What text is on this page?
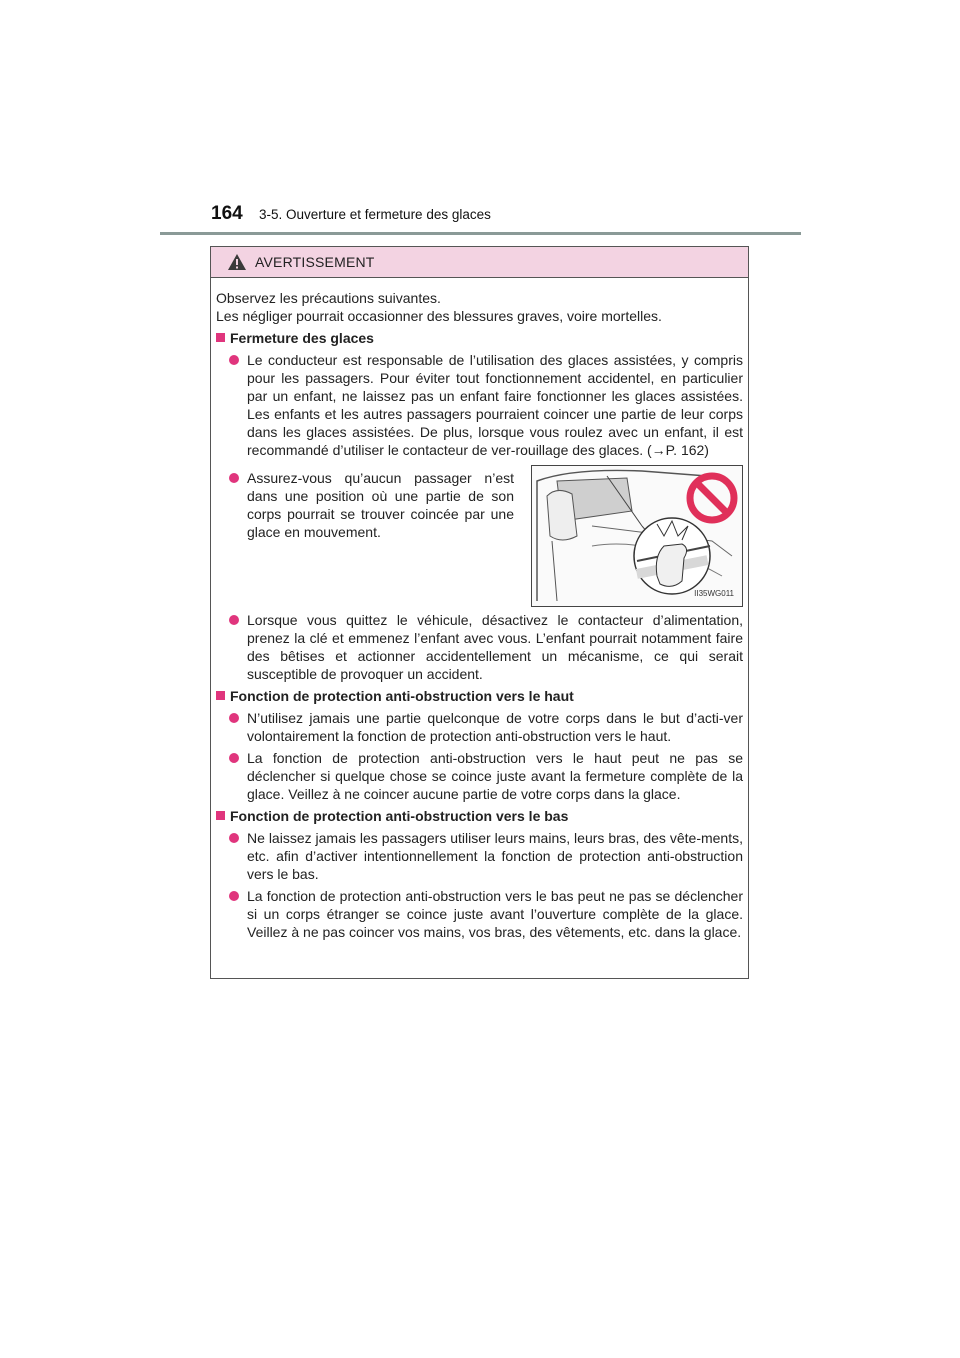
164 3-5. Ouverture et fermeture des glaces
AVERTISSEMENT

Observez les précautions suivantes.

Les négliger pourrait occasionner des blessures graves, voire mortelles.

Fermeture des glaces
Le conducteur est responsable de l’utilisation des glaces assistées, y compris pour les passagers. Pour éviter tout fonctionnement accidentel, en particulier par un enfant, ne laissez pas un enfant faire fonctionner les glaces assistées. Les enfants et les autres passagers pourraient coincer une partie de leur corps dans les glaces assistées. De plus, lorsque vous roulez avec un enfant, il est recommandé d’utiliser le contacteur de ver-rouillage des glaces. (→P. 162)
Assurez-vous qu’aucun passager n’est dans une position où une partie de son corps pourrait se trouver coincée par une glace en mouvement.
II35WG011
Lorsque vous quittez le véhicule, désactivez le contacteur d’alimentation, prenez la clé et emmenez l’enfant avec vous. L’enfant pourrait notamment faire des bêtises et actionner accidentellement un mécanisme, ce qui serait susceptible de provoquer un accident.
Fonction de protection anti-obstruction vers le haut
N’utilisez jamais une partie quelconque de votre corps dans le but d’acti-ver volontairement la fonction de protection anti-obstruction vers le haut.
La fonction de protection anti-obstruction vers le haut peut ne pas se déclencher si quelque chose se coince juste avant la fermeture complète de la glace. Veillez à ne coincer aucune partie de votre corps dans la glace.
Fonction de protection anti-obstruction vers le bas
Ne laissez jamais les passagers utiliser leurs mains, leurs bras, des vête-ments, etc. afin d’activer intentionnellement la fonction de protection anti-obstruction vers le bas.
La fonction de protection anti-obstruction vers le bas peut ne pas se déclencher si un corps étranger se coince juste avant l’ouverture complète de la glace. Veillez à ne pas coincer vos mains, vos bras, des vêtements, etc. dans la glace.
